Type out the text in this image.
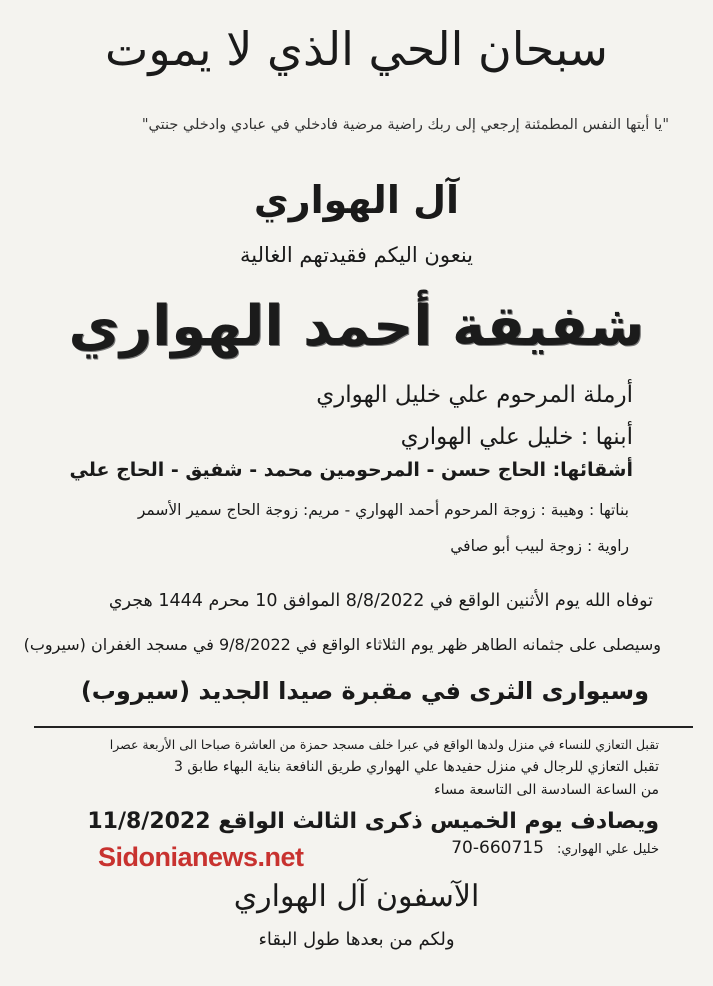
سبحان الحي الذي لا يموت
"يا أيتها النفس المطمئنة إرجعي إلى ربك راضية مرضية فادخلي في عبادي وادخلي جنتي"
آل الهواري
ينعون اليكم فقيدتهم الغالية
شفيقة أحمد الهواري
أرملة المرحوم علي خليل الهواري
أبنها : خليل علي الهواري
أشقائها: الحاج حسن - المرحومين محمد - شفيق - الحاج علي
بناتها : وهيبة : زوجة المرحوم أحمد الهواري - مريم: زوجة الحاج سمير الأسمر
راوية : زوجة لبيب أبو صافي
توفاه الله يوم الأثنين الواقع في 8/8/2022 الموافق 10 محرم 1444 هجري
وسيصلى على جثمانه الطاهر ظهر يوم الثلاثاء الواقع في 9/8/2022 في مسجد الغفران (سيروب)
وسيوارى الثرى في مقبرة صيدا الجديد (سيروب)
تقبل التعازي للنساء في منزل ولدها الواقع في عبرا خلف مسجد حمزة من العاشرة صباحا الى الأربعة عصرا
تقبل التعازي للرجال في منزل حفيدها علي الهواري طريق النافعة بناية البهاء طابق 3
من الساعة السادسة الى التاسعة مساء
ويصادف يوم الخميس ذكرى الثالث الواقع 11/8/2022
خليل علي الهواري: 70-660715
Sidonianews.net
الآسفون آل الهواري
ولكم من بعدها طول البقاء
